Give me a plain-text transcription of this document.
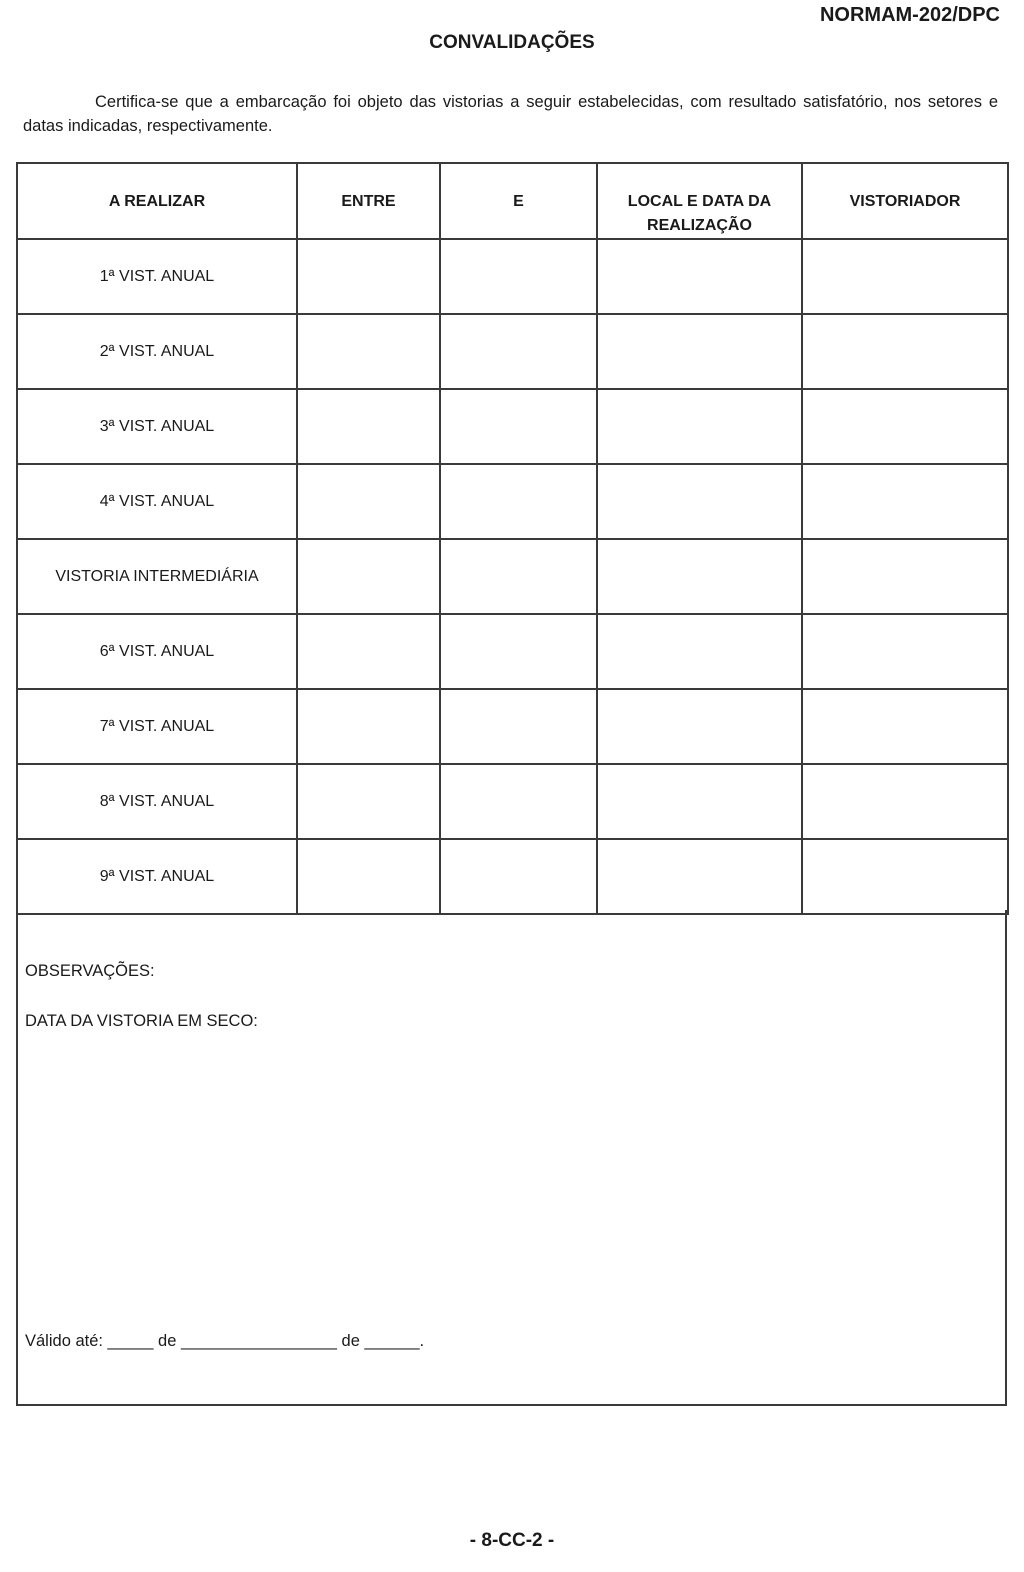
NORMAM-202/DPC
CONVALIDAÇÕES
Certifica-se que a embarcação foi objeto das vistorias a seguir estabelecidas, com resultado satisfatório, nos setores e datas indicadas, respectivamente.
A REALIZAR	ENTRE	E	LOCAL E DATA DA REALIZAÇÃO	VISTORIADOR
1ª VIST. ANUAL				
2ª VIST. ANUAL				
3ª VIST. ANUAL				
4ª VIST. ANUAL				
VISTORIA INTERMEDIÁRIA				
6ª VIST. ANUAL				
7ª VIST. ANUAL				
8ª VIST. ANUAL				
9ª VIST. ANUAL				
OBSERVAÇÕES:
DATA DA VISTORIA EM SECO:
Válido até: _____ de _________________ de ______.
- 8-CC-2 -
